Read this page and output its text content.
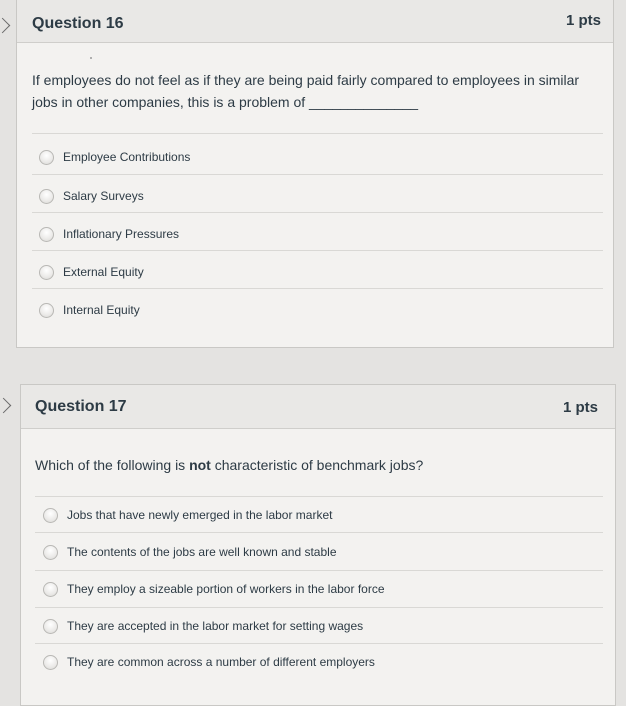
Question 16	1 pts
If employees do not feel as if they are being paid fairly compared to employees in similar jobs in other companies, this is a problem of ______________
Employee Contributions
Salary Surveys
Inflationary Pressures
External Equity
Internal Equity
Question 17	1 pts
Which of the following is not characteristic of benchmark jobs?
Jobs that have newly emerged in the labor market
The contents of the jobs are well known and stable
They employ a sizeable portion of workers in the labor force
They are accepted in the labor market for setting wages
They are common across a number of different employers
